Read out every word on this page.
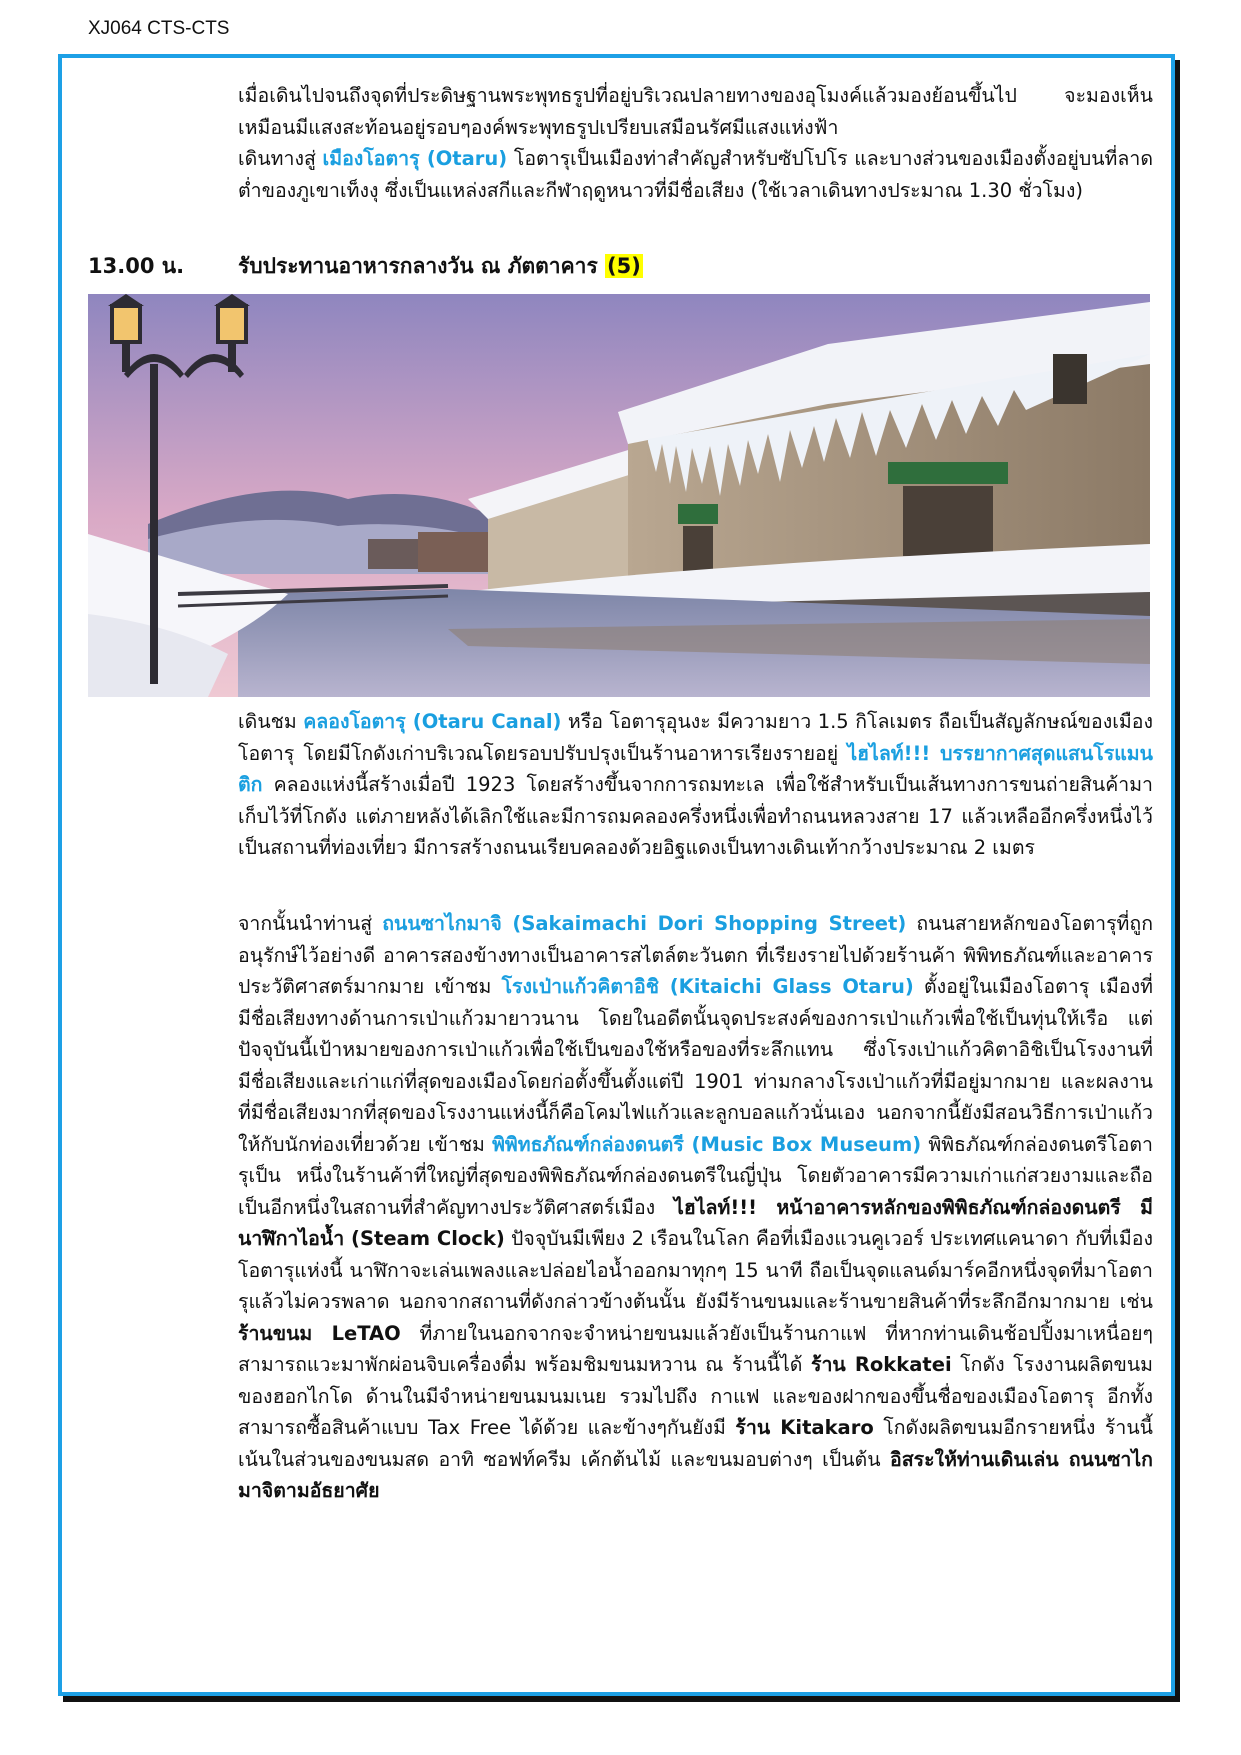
XJ064 CTS-CTS
เมื่อเดินไปจนถึงจุดที่ประดิษฐานพระพุทธรูปที่อยู่บริเวณปลายทางของอุโมงค์แล้วมองย้อนขึ้นไป จะมองเห็นเหมือนมีแสงสะท้อนอยู่รอบๆองค์พระพุทธรูปเปรียบเสมือนรัศมีแสงแห่งฟ้า
เดินทางสู่ เมืองโอตารุ (Otaru) โอตารุเป็นเมืองท่าสำคัญสำหรับซัปโปโร และบางส่วนของเมืองตั้งอยู่บนที่ลาดต่ำของภูเขาเท็งงุ ซึ่งเป็นแหล่งสกีและกีฬาฤดูหนาวที่มีชื่อเสียง (ใช้เวลาเดินทางประมาณ 1.30 ชั่วโมง)
13.00 น.	รับประทานอาหารกลางวัน ณ ภัตตาคาร (5)
เดินชม คลองโอตารุ (Otaru Canal) หรือ โอตารุอุนงะ มีความยาว 1.5 กิโลเมตร ถือเป็นสัญลักษณ์ของเมืองโอตารุ โดยมีโกดังเก่าบริเวณโดยรอบปรับปรุงเป็นร้านอาหารเรียงรายอยู่ ไฮไลท์!!! บรรยากาศสุดแสนโรแมนติก คลองแห่งนี้สร้างเมื่อปี 1923 โดยสร้างขึ้นจากการถมทะเล เพื่อใช้สำหรับเป็นเส้นทางการขนถ่ายสินค้ามาเก็บไว้ที่โกดัง แต่ภายหลังได้เลิกใช้และมีการถมคลองครึ่งหนึ่งเพื่อทำถนนหลวงสาย 17 แล้วเหลืออีกครึ่งหนึ่งไว้เป็นสถานที่ท่องเที่ยว มีการสร้างถนนเรียบคลองด้วยอิฐแดงเป็นทางเดินเท้ากว้างประมาณ 2 เมตร
จากนั้นนำท่านสู่ ถนนซาไกมาจิ (Sakaimachi Dori Shopping Street) ถนนสายหลักของโอตารุที่ถูกอนุรักษ์ไว้อย่างดี อาคารสองข้างทางเป็นอาคารสไตล์ตะวันตก ที่เรียงรายไปด้วยร้านค้า พิพิทธภัณฑ์และอาคารประวัติศาสตร์มากมาย เข้าชม โรงเป่าแก้วคิตาอิชิ (Kitaichi Glass Otaru) ตั้งอยู่ในเมืองโอตารุ เมืองที่มีชื่อเสียงทางด้านการเป่าแก้วมายาวนาน โดยในอดีตนั้นจุดประสงค์ของการเป่าแก้วเพื่อใช้เป็นทุ่นให้เรือ แต่ปัจจุบันนี้เป้าหมายของการเป่าแก้วเพื่อใช้เป็นของใช้หรือของที่ระลึกแทน ซึ่งโรงเป่าแก้วคิตาอิชิเป็นโรงงานที่มีชื่อเสียงและเก่าแก่ที่สุดของเมืองโดยก่อตั้งขึ้นตั้งแต่ปี 1901 ท่ามกลางโรงเป่าแก้วที่มีอยู่มากมาย และผลงานที่มีชื่อเสียงมากที่สุดของโรงงานแห่งนี้ก็คือโคมไฟแก้วและลูกบอลแก้วนั่นเอง นอกจากนี้ยังมีสอนวิธีการเป่าแก้วให้กับนักท่องเที่ยวด้วย เข้าชม พิพิทธภัณฑ์กล่องดนตรี (Music Box Museum) พิพิธภัณฑ์กล่องดนตรีโอตารุเป็น หนึ่งในร้านค้าที่ใหญ่ที่สุดของพิพิธภัณฑ์กล่องดนตรีในญี่ปุ่น โดยตัวอาคารมีความเก่าแก่สวยงามและถือเป็นอีกหนึ่งในสถานที่สำคัญทางประวัติศาสตร์เมือง ไฮไลท์!!! หน้าอาคารหลักของพิพิธภัณฑ์กล่องดนตรี มี นาฬิกาไอน้ำ (Steam Clock) ปัจจุบันมีเพียง 2 เรือนในโลก คือที่เมืองแวนคูเวอร์ ประเทศแคนาดา กับที่เมืองโอตารุแห่งนี้ นาฬิกาจะเล่นเพลงและปล่อยไอน้ำออกมาทุกๆ 15 นาที ถือเป็นจุดแลนด์มาร์คอีกหนึ่งจุดที่มาโอตารุแล้วไม่ควรพลาด นอกจากสถานที่ดังกล่าวข้างต้นนั้น ยังมีร้านขนมและร้านขายสินค้าที่ระลึกอีกมากมาย เช่น ร้านขนม LeTAO ที่ภายในนอกจากจะจำหน่ายขนมแล้วยังเป็นร้านกาแฟ ที่หากท่านเดินช้อปปิ้งมาเหนื่อยๆ สามารถแวะมาพักผ่อนจิบเครื่องดื่ม พร้อมชิมขนมหวาน ณ ร้านนี้ได้ ร้าน Rokkatei โกดัง โรงงานผลิตขนมของฮอกไกโด ด้านในมีจำหน่ายขนมนมเนย รวมไปถึง กาแฟ และของฝากของขึ้นชื่อของเมืองโอตารุ อีกทั้งสามารถซื้อสินค้าแบบ Tax Free ได้ด้วย และข้างๆกันยังมี ร้าน Kitakaro โกดังผลิตขนมอีกรายหนึ่ง ร้านนี้เน้นในส่วนของขนมสด อาทิ ซอฟท์ครีม เค้กต้นไม้ และขนมอบต่างๆ เป็นต้น อิสระให้ท่านเดินเล่น ถนนซาไกมาจิตามอัธยาศัย
